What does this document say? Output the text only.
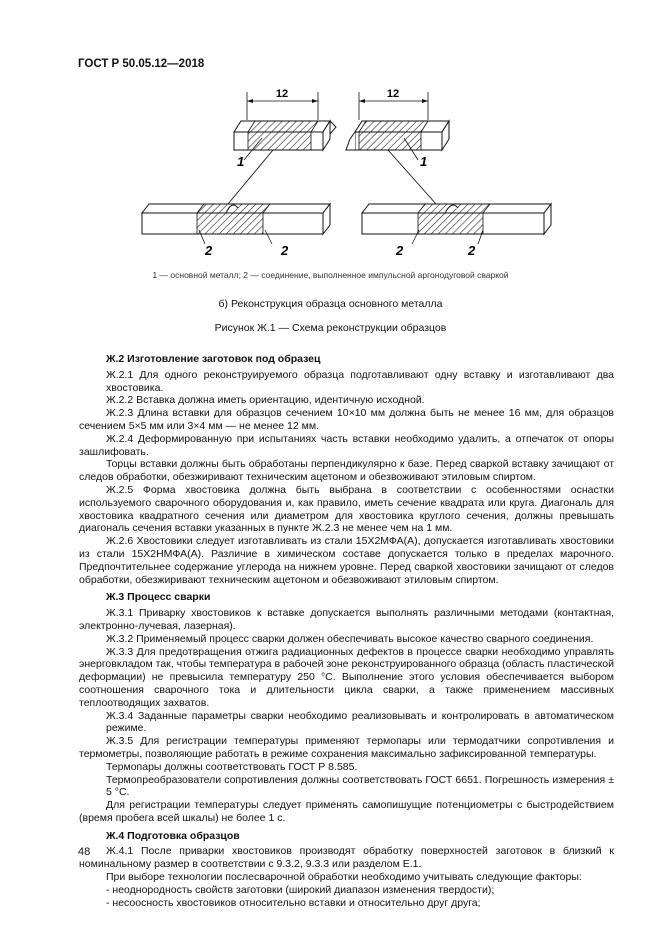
ГОСТ Р 50.05.12—2018
1	1
2	2	2	2
12	12
1 — основной металл; 2 — соединение, выполненное импульсной аргонодуговой сваркой
б) Реконструкция образца основного металла
Рисунок Ж.1 — Схема реконструкции образцов

Ж.2 Изготовление заготовок под образец

Ж.2.1 Для одного реконструируемого образца подготавливают одну вставку и изготавливают два хвостовика.

Ж.2.2 Вставка должна иметь ориентацию, идентичную исходной.

Ж.2.3 Длина вставки для образцов сечением 10×10 мм должна быть не менее 16 мм, для образцов сечением 5×5 мм или 3×4 мм — не менее 12 мм.

Ж.2.4 Деформированную при испытаниях часть вставки необходимо удалить, а отпечаток от опоры зашлифовать.

Торцы вставки должны быть обработаны перпендикулярно к базе. Перед сваркой вставку зачищают от следов обработки, обезжиривают техническим ацетоном и обезвоживают этиловым спиртом.

Ж.2.5 Форма хвостовика должна быть выбрана в соответствии с особенностями оснастки используемого сварочного оборудования и, как правило, иметь сечение квадрата или круга. Диагональ для хвостовика квадратного сечения или диаметром для хвостовика круглого сечения, должны превышать диагональ сечения вставки указанных в пункте Ж.2.3 не менее чем на 1 мм.

Ж.2.6 Хвостовики следует изготавливать из стали 15Х2МФА(А), допускается изготавливать хвостовики из стали 15Х2НМФА(А). Различие в химическом составе допускается только в пределах марочного. Предпочтительнее содержание углерода на нижнем уровне. Перед сваркой хвостовики зачищают от следов обработки, обезжиривают техническим ацетоном и обезвоживают этиловым спиртом.

Ж.3 Процесс сварки

Ж.3.1 Приварку хвостовиков к вставке допускается выполнять различными методами (контактная, электронно-лучевая, лазерная).

Ж.3.2 Применяемый процесс сварки должен обеспечивать высокое качество сварного соединения.

Ж.3.3 Для предотвращения отжига радиационных дефектов в процессе сварки необходимо управлять энерговкладом так, чтобы температура в рабочей зоне реконструированного образца (область пластической деформации) не превысила температуру 250 °С. Выполнение этого условия обеспечивается выбором соотношения сварочного тока и длительности цикла сварки, а также применением массивных теплоотводящих захватов.

Ж.3.4 Заданные параметры сварки необходимо реализовывать и контролировать в автоматическом режиме.

Ж.3.5 Для регистрации температуры применяют термопары или термодатчики сопротивления и термометры, позволяющие работать в режиме сохранения максимально зафиксированной температуры.

Термопары должны соответствовать ГОСТ Р 8.585.

Термопреобразователи сопротивления должны соответствовать ГОСТ 6651. Погрешность измерения ± 5 °С.

Для регистрации температуры следует применять самопишущие потенциометры с быстродействием (время пробега всей шкалы) не более 1 с.

Ж.4 Подготовка образцов

Ж.4.1 После приварки хвостовиков производят обработку поверхностей заготовок в близкий к номинальному размер в соответствии с 9.3.2, 9.3.3 или разделом Е.1.

При выборе технологии послесварочной обработки необходимо учитывать следующие факторы:

- неоднородность свойств заготовки (широкий диапазон изменения твердости);

- несоосность хвостовиков относительно вставки и относительно друг друга;

48
